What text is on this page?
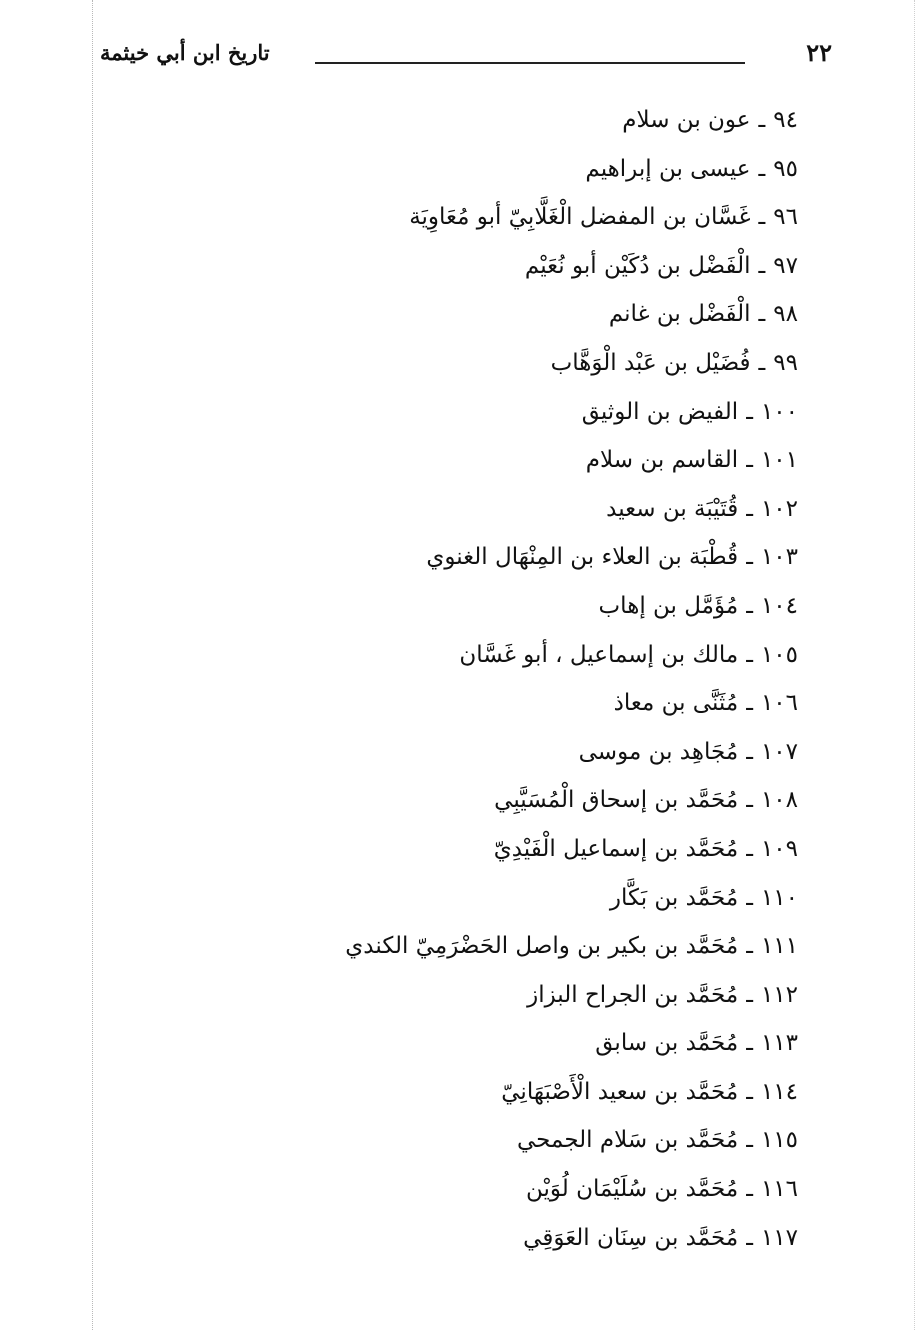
٢٢
تاريخ ابن أبي خيثمة
٩٤ـعون بن سلام
٩٥ـعيسى بن إبراهيم
٩٦ـغَسَّان بن المفضل الْغَلَّابِيّ أبو مُعَاوِيَة
٩٧ـالْفَضْل بن دُكَيْن أبو نُعَيْم
٩٨ـالْفَضْل بن غانم
٩٩ـفُضَيْل بن عَبْد الْوَهَّاب
١٠٠ـالفيض بن الوثيق
١٠١ـالقاسم بن سلام
١٠٢ـقُتَيْبَة بن سعيد
١٠٣ـقُطْبَة بن العلاء بن المِنْهَال الغنوي
١٠٤ـمُؤَمَّل بن إهاب
١٠٥ـمالك بن إسماعيل ، أبو غَسَّان
١٠٦ـمُثَنَّى بن معاذ
١٠٧ـمُجَاهِد بن موسى
١٠٨ـمُحَمَّد بن إسحاق الْمُسَيَّبِي
١٠٩ـمُحَمَّد بن إسماعيل الْفَيْدِيّ
١١٠ـمُحَمَّد بن بَكَّار
١١١ـمُحَمَّد بن بكير بن واصل الحَضْرَمِيّ الكندي
١١٢ـمُحَمَّد بن الجراح البزاز
١١٣ـمُحَمَّد بن سابق
١١٤ـمُحَمَّد بن سعيد الْأَصْبَهَانِيّ
١١٥ـمُحَمَّد بن سَلام الجمحي
١١٦ـمُحَمَّد بن سُلَيْمَان لُوَيْن
١١٧ـمُحَمَّد بن سِنَان العَوَقِي
